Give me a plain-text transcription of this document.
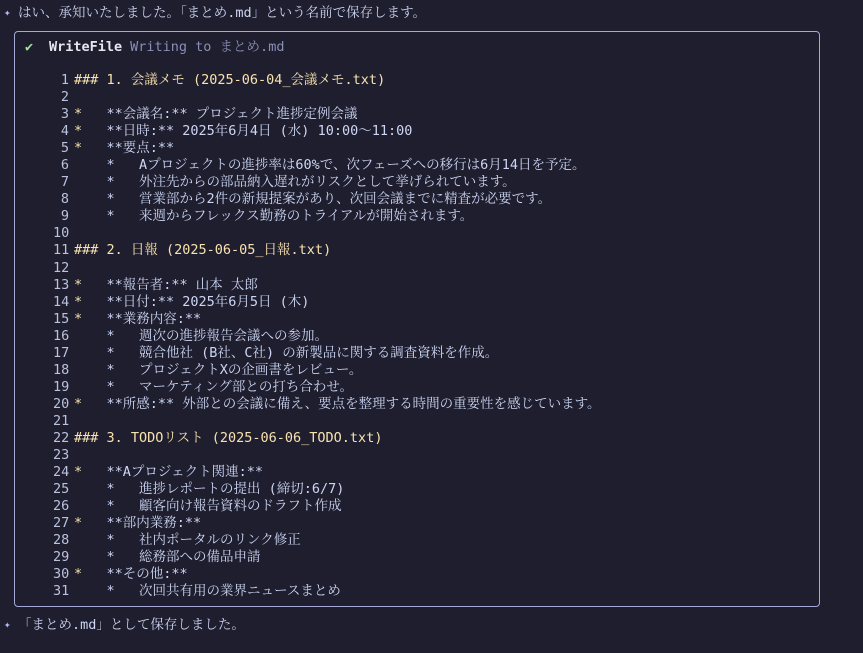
✦ はい、承知いたしました。「まとめ.md」という名前で保存します。
✔	WriteFile Writing to まとめ.md
1 ### 1. 会議メモ (2025-06-04_会議メモ.txt)
2
3 *   **会議名:** プロジェクト進捗定例会議
4 *   **日時:** 2025年6月4日 (水) 10:00〜11:00
5 *   **要点:**
6 *   Aプロジェクトの進捗率は60%で、次フェーズへの移行は6月14日を予定。
7 *   外注先からの部品納入遅れがリスクとして挙げられています。
8 *   営業部から2件の新規提案があり、次回会議までに精査が必要です。
9 *   来週からフレックス勤務のトライアルが開始されます。
10
11 ### 2. 日報 (2025-06-05_日報.txt)
12
13 *   **報告者:** 山本 太郎
14 *   **日付:** 2025年6月5日 (木)
15 *   **業務内容:**
16 *   週次の進捗報告会議への参加。
17 *   競合他社 (B社、C社) の新製品に関する調査資料を作成。
18 *   プロジェクトXの企画書をレビュー。
19 *   マーケティング部との打ち合わせ。
20 *   **所感:** 外部との会議に備え、要点を整理する時間の重要性を感じています。
21
22 ### 3. TODOリスト (2025-06-06_TODO.txt)
23
24 *   **Aプロジェクト関連:**
25 *   進捗レポートの提出 (締切:6/7)
26 *   顧客向け報告資料のドラフト作成
27 *   **部内業務:**
28 *   社内ポータルのリンク修正
29 *   総務部への備品申請
30 *   **その他:**
31 *   次回共有用の業界ニュースまとめ
✦ 「まとめ.md」として保存しました。
